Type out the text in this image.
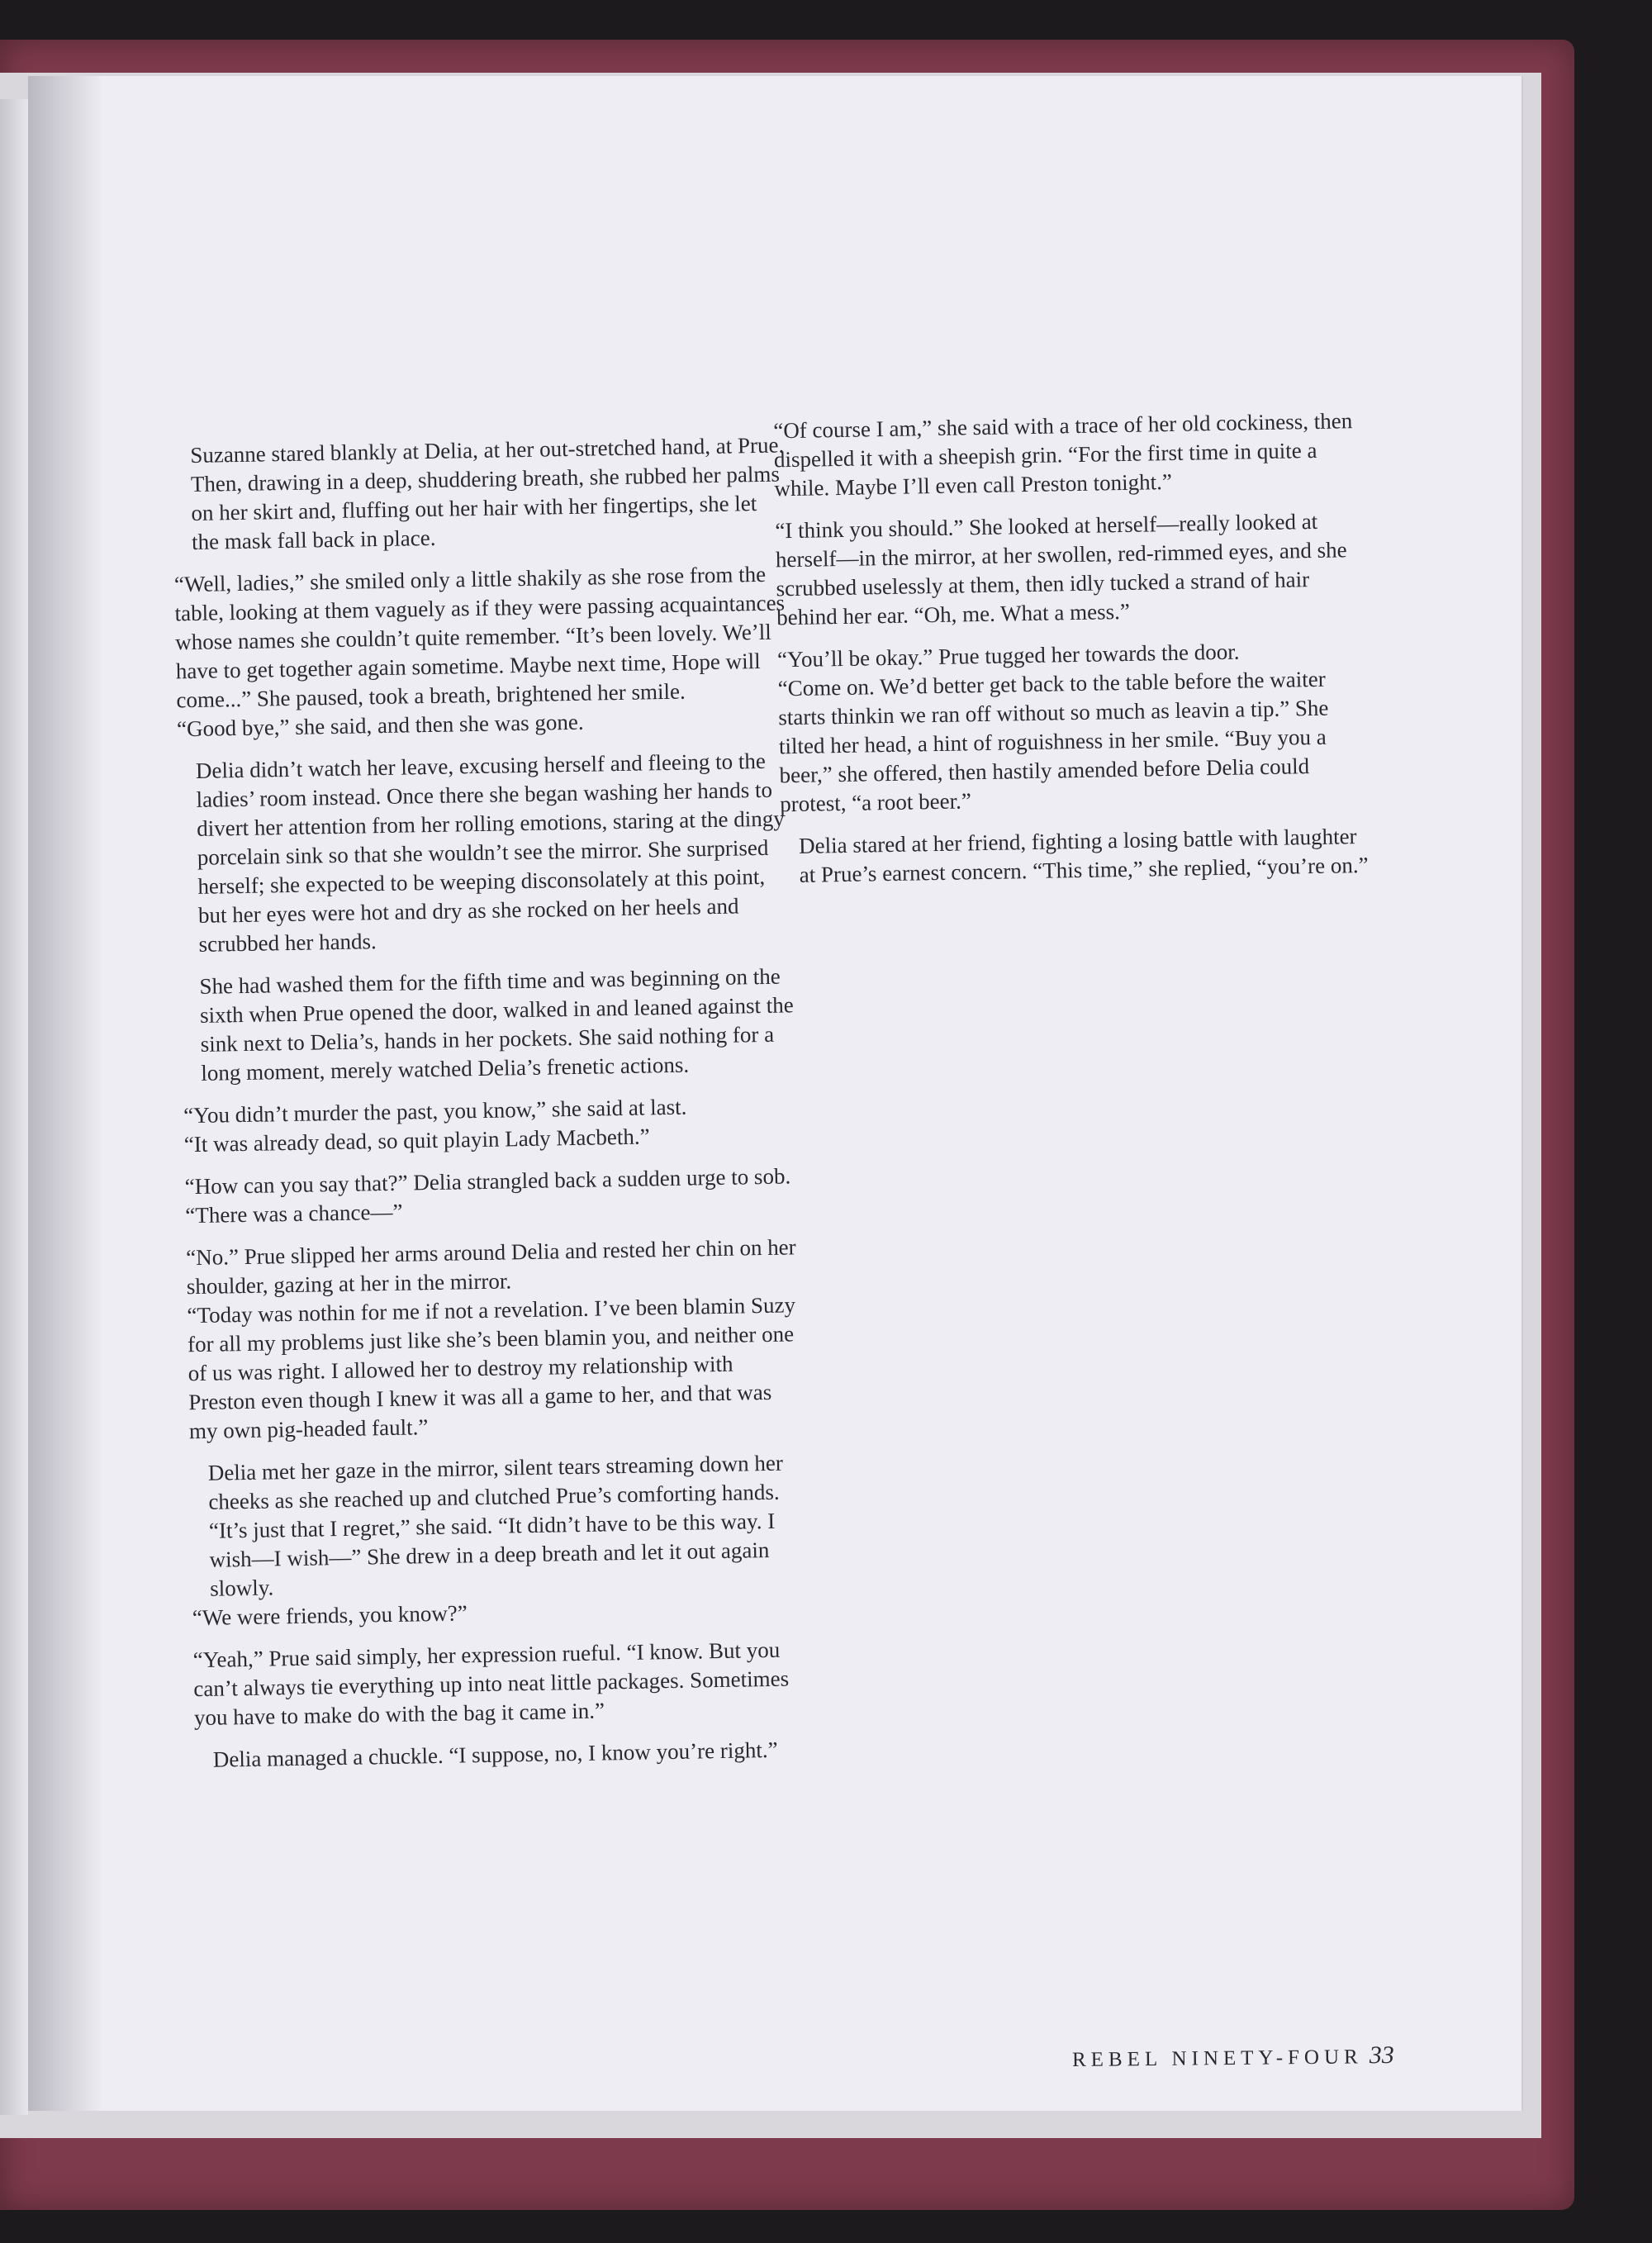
Suzanne stared blankly at Delia, at her out-stretched hand, at Prue. Then, drawing in a deep, shuddering breath, she rubbed her palms on her skirt and, fluffing out her hair with her fingertips, she let the mask fall back in place.

“Well, ladies,” she smiled only a little shakily as she rose from the table, looking at them vaguely as if they were passing acquaintances whose names she couldn’t quite remember. “It’s been lovely. We’ll have to get together again sometime. Maybe next time, Hope will come...” She paused, took a breath, brightened her smile.

“Good bye,” she said, and then she was gone.

Delia didn’t watch her leave, excusing herself and fleeing to the ladies’ room instead. Once there she began washing her hands to divert her attention from her rolling emotions, staring at the dingy porcelain sink so that she wouldn’t see the mirror. She surprised herself; she expected to be weeping disconsolately at this point, but her eyes were hot and dry as she rocked on her heels and scrubbed her hands.

She had washed them for the fifth time and was beginning on the sixth when Prue opened the door, walked in and leaned against the sink next to Delia’s, hands in her pockets. She said nothing for a long moment, merely watched Delia’s frenetic actions.

“You didn’t murder the past, you know,” she said at last.

“It was already dead, so quit playin Lady Macbeth.”

“How can you say that?” Delia strangled back a sudden urge to sob. “There was a chance—”

“No.” Prue slipped her arms around Delia and rested her chin on her shoulder, gazing at her in the mirror.

“Today was nothin for me if not a revelation. I’ve been blamin Suzy for all my problems just like she’s been blamin you, and neither one of us was right. I allowed her to destroy my relationship with Preston even though I knew it was all a game to her, and that was my own pig-headed fault.”

Delia met her gaze in the mirror, silent tears streaming down her cheeks as she reached up and clutched Prue’s comforting hands. “It’s just that I regret,” she said. “It didn’t have to be this way. I wish—I wish—” She drew in a deep breath and let it out again slowly.

“We were friends, you know?”

“Yeah,” Prue said simply, her expression rueful. “I know. But you can’t always tie everything up into neat little packages. Sometimes you have to make do with the bag it came in.”

Delia managed a chuckle. “I suppose, no, I know you’re right.”

“Of course I am,” she said with a trace of her old cockiness, then dispelled it with a sheepish grin. “For the first time in quite a while. Maybe I’ll even call Preston tonight.”

“I think you should.” She looked at herself—really looked at herself—in the mirror, at her swollen, red-rimmed eyes, and she scrubbed uselessly at them, then idly tucked a strand of hair behind her ear. “Oh, me. What a mess.”

“You’ll be okay.” Prue tugged her towards the door.

“Come on. We’d better get back to the table before the waiter starts thinkin we ran off without so much as leavin a tip.” She tilted her head, a hint of roguishness in her smile. “Buy you a beer,” she offered, then hastily amended before Delia could protest, “a root beer.”

Delia stared at her friend, fighting a losing battle with laughter at Prue’s earnest concern. “This time,” she replied, “you’re on.”

REBEL NINETY-FOUR 33
